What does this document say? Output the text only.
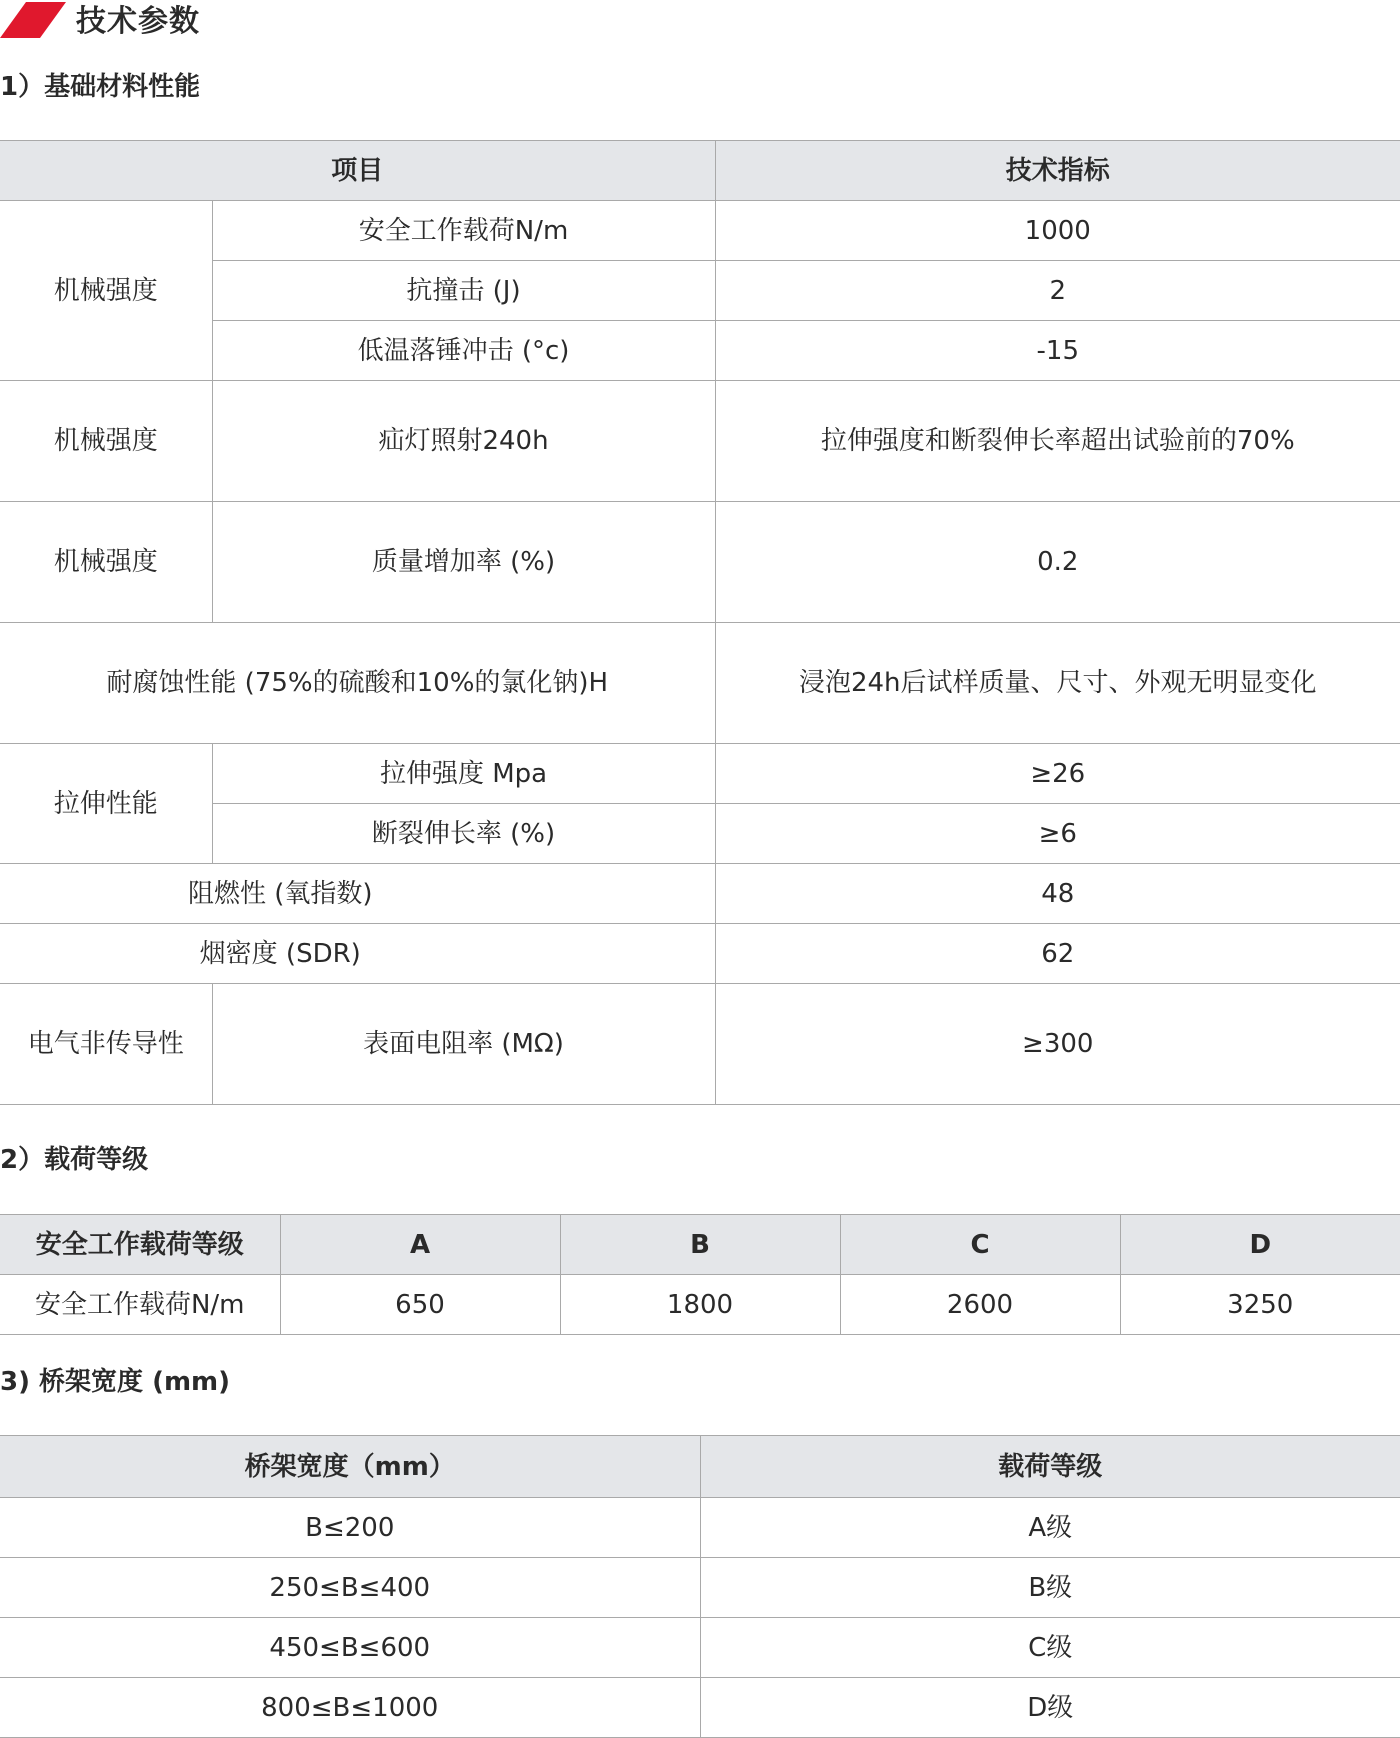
技术参数
1）基础材料性能
项目		技术指标
机械强度	安全工作载荷N/m	1000
	抗撞击 (J)	2
	低温落锤冲击 (°c)	-15
机械强度	疝灯照射240h	拉伸强度和断裂伸长率超出试验前的70%
机械强度	质量增加率 (%)	0.2
耐腐蚀性能 (75%的硫酸和10%的氯化钠)H		浸泡24h后试样质量、尺寸、外观无明显变化
拉伸性能	拉伸强度 Mpa	≥26
	断裂伸长率 (%)	≥6
阻燃性 (氧指数)		48
烟密度 (SDR)		62
电气非传导性	表面电阻率 (MΩ)	≥300
2）载荷等级
安全工作载荷等级	A	B	C	D
安全工作载荷N/m	650	1800	2600	3250
3) 桥架宽度 (mm)
桥架宽度（mm）	载荷等级
B≤200	A级
250≤B≤400	B级
450≤B≤600	C级
800≤B≤1000	D级
